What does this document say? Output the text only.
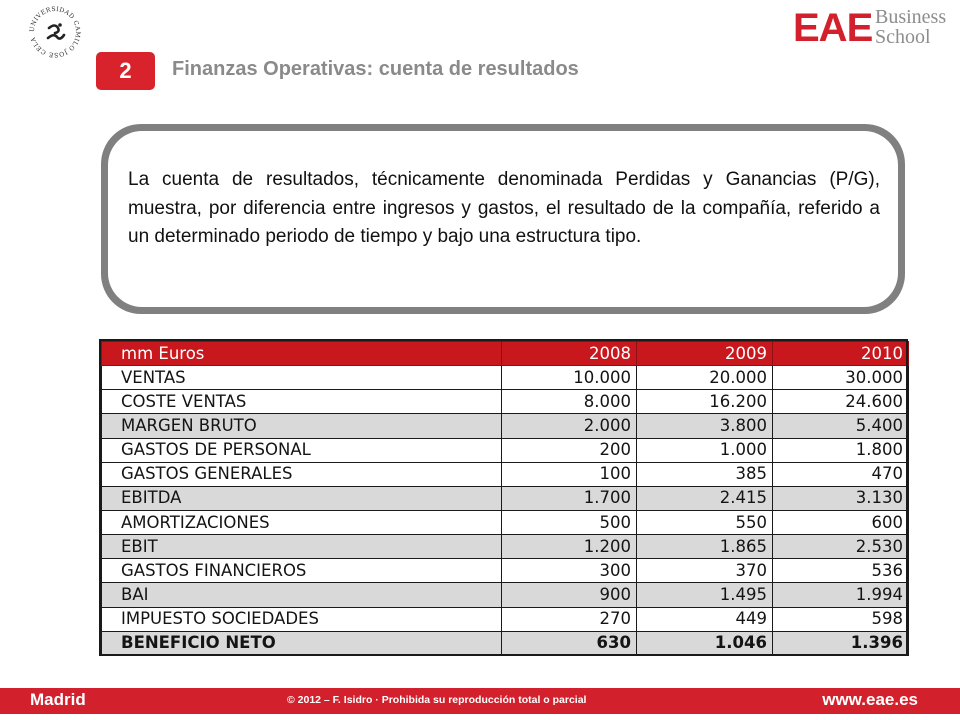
UNIVERSIDAD CAMILO JOSÉ CELA	EAE Business
School
2	Finanzas Operativas: cuenta de resultados

La cuenta de resultados, técnicamente denominada Perdidas y Ganancias (P/G), muestra, por diferencia entre ingresos y gastos, el resultado de la compañía, referido a un determinado periodo de tiempo y bajo una estructura tipo.

mm Euros	2008	2009	2010
VENTAS	10.000	20.000	30.000
COSTE VENTAS	8.000	16.200	24.600
MARGEN BRUTO	2.000	3.800	5.400
GASTOS DE PERSONAL	200	1.000	1.800
GASTOS GENERALES	100	385	470
EBITDA	1.700	2.415	3.130
AMORTIZACIONES	500	550	600
EBIT	1.200	1.865	2.530
GASTOS FINANCIEROS	300	370	536
BAI	900	1.495	1.994
IMPUESTO SOCIEDADES	270	449	598
BENEFICIO NETO	630	1.046	1.396
Madrid	© 2012 – F. Isidro · Prohibida su reproducción total o parcial	www.eae.es
